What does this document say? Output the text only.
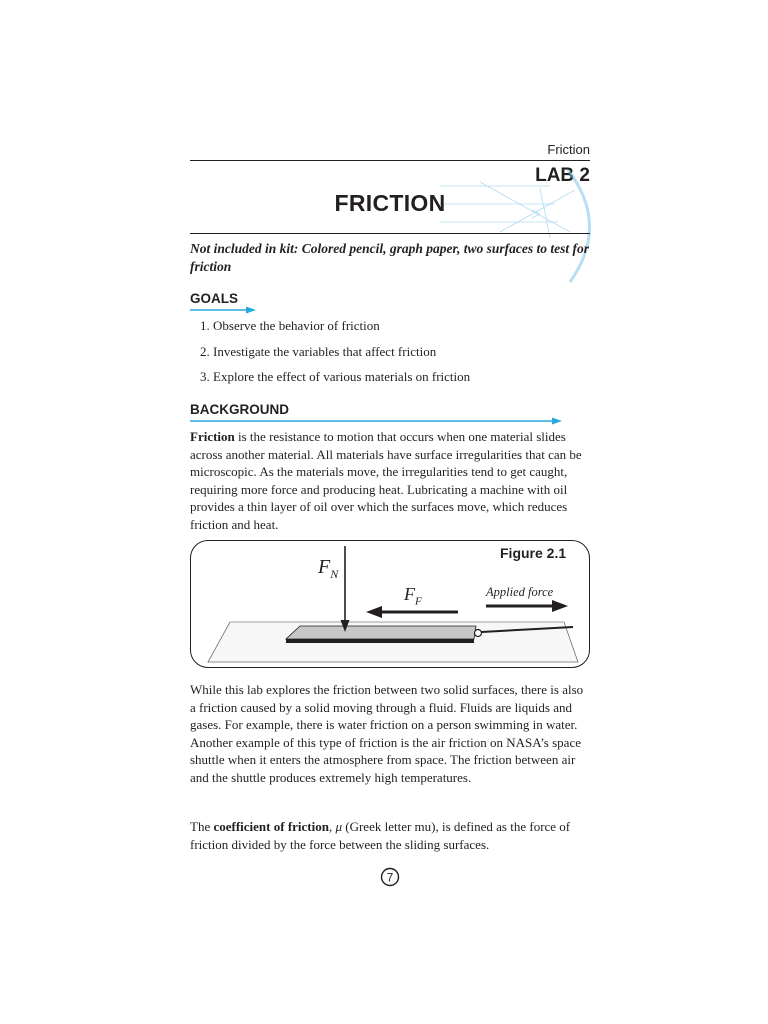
Friction
LAB 2
FRICTION

Not included in kit: Colored pencil, graph paper, two surfaces to test for friction

GOALS
1. Observe the behavior of friction
2. Investigate the variables that affect friction
3. Explore the effect of various materials on friction
BACKGROUND

Friction is the resistance to motion that occurs when one material slides across another material. All materials have surface irregularities that can be microscopic. As the materials move, the irregularities tend to get caught, requiring more force and producing heat. Lubricating a machine with oil provides a thin layer of oil over which the surfaces move, which reduces friction and heat.

Figure 2.1
$F_N$
$F_F$
Applied force

While this lab explores the friction between two solid surfaces, there is also a friction caused by a solid moving through a fluid. Fluids are liquids and gases. For example, there is water friction on a person swimming in water. Another example of this type of friction is the air friction on NASA’s space shuttle when it enters the atmosphere from space. The friction between air and the shuttle produces extremely high temperatures.

The coefficient of friction, μ (Greek letter mu), is defined as the force of friction divided by the force between the sliding surfaces.

7
